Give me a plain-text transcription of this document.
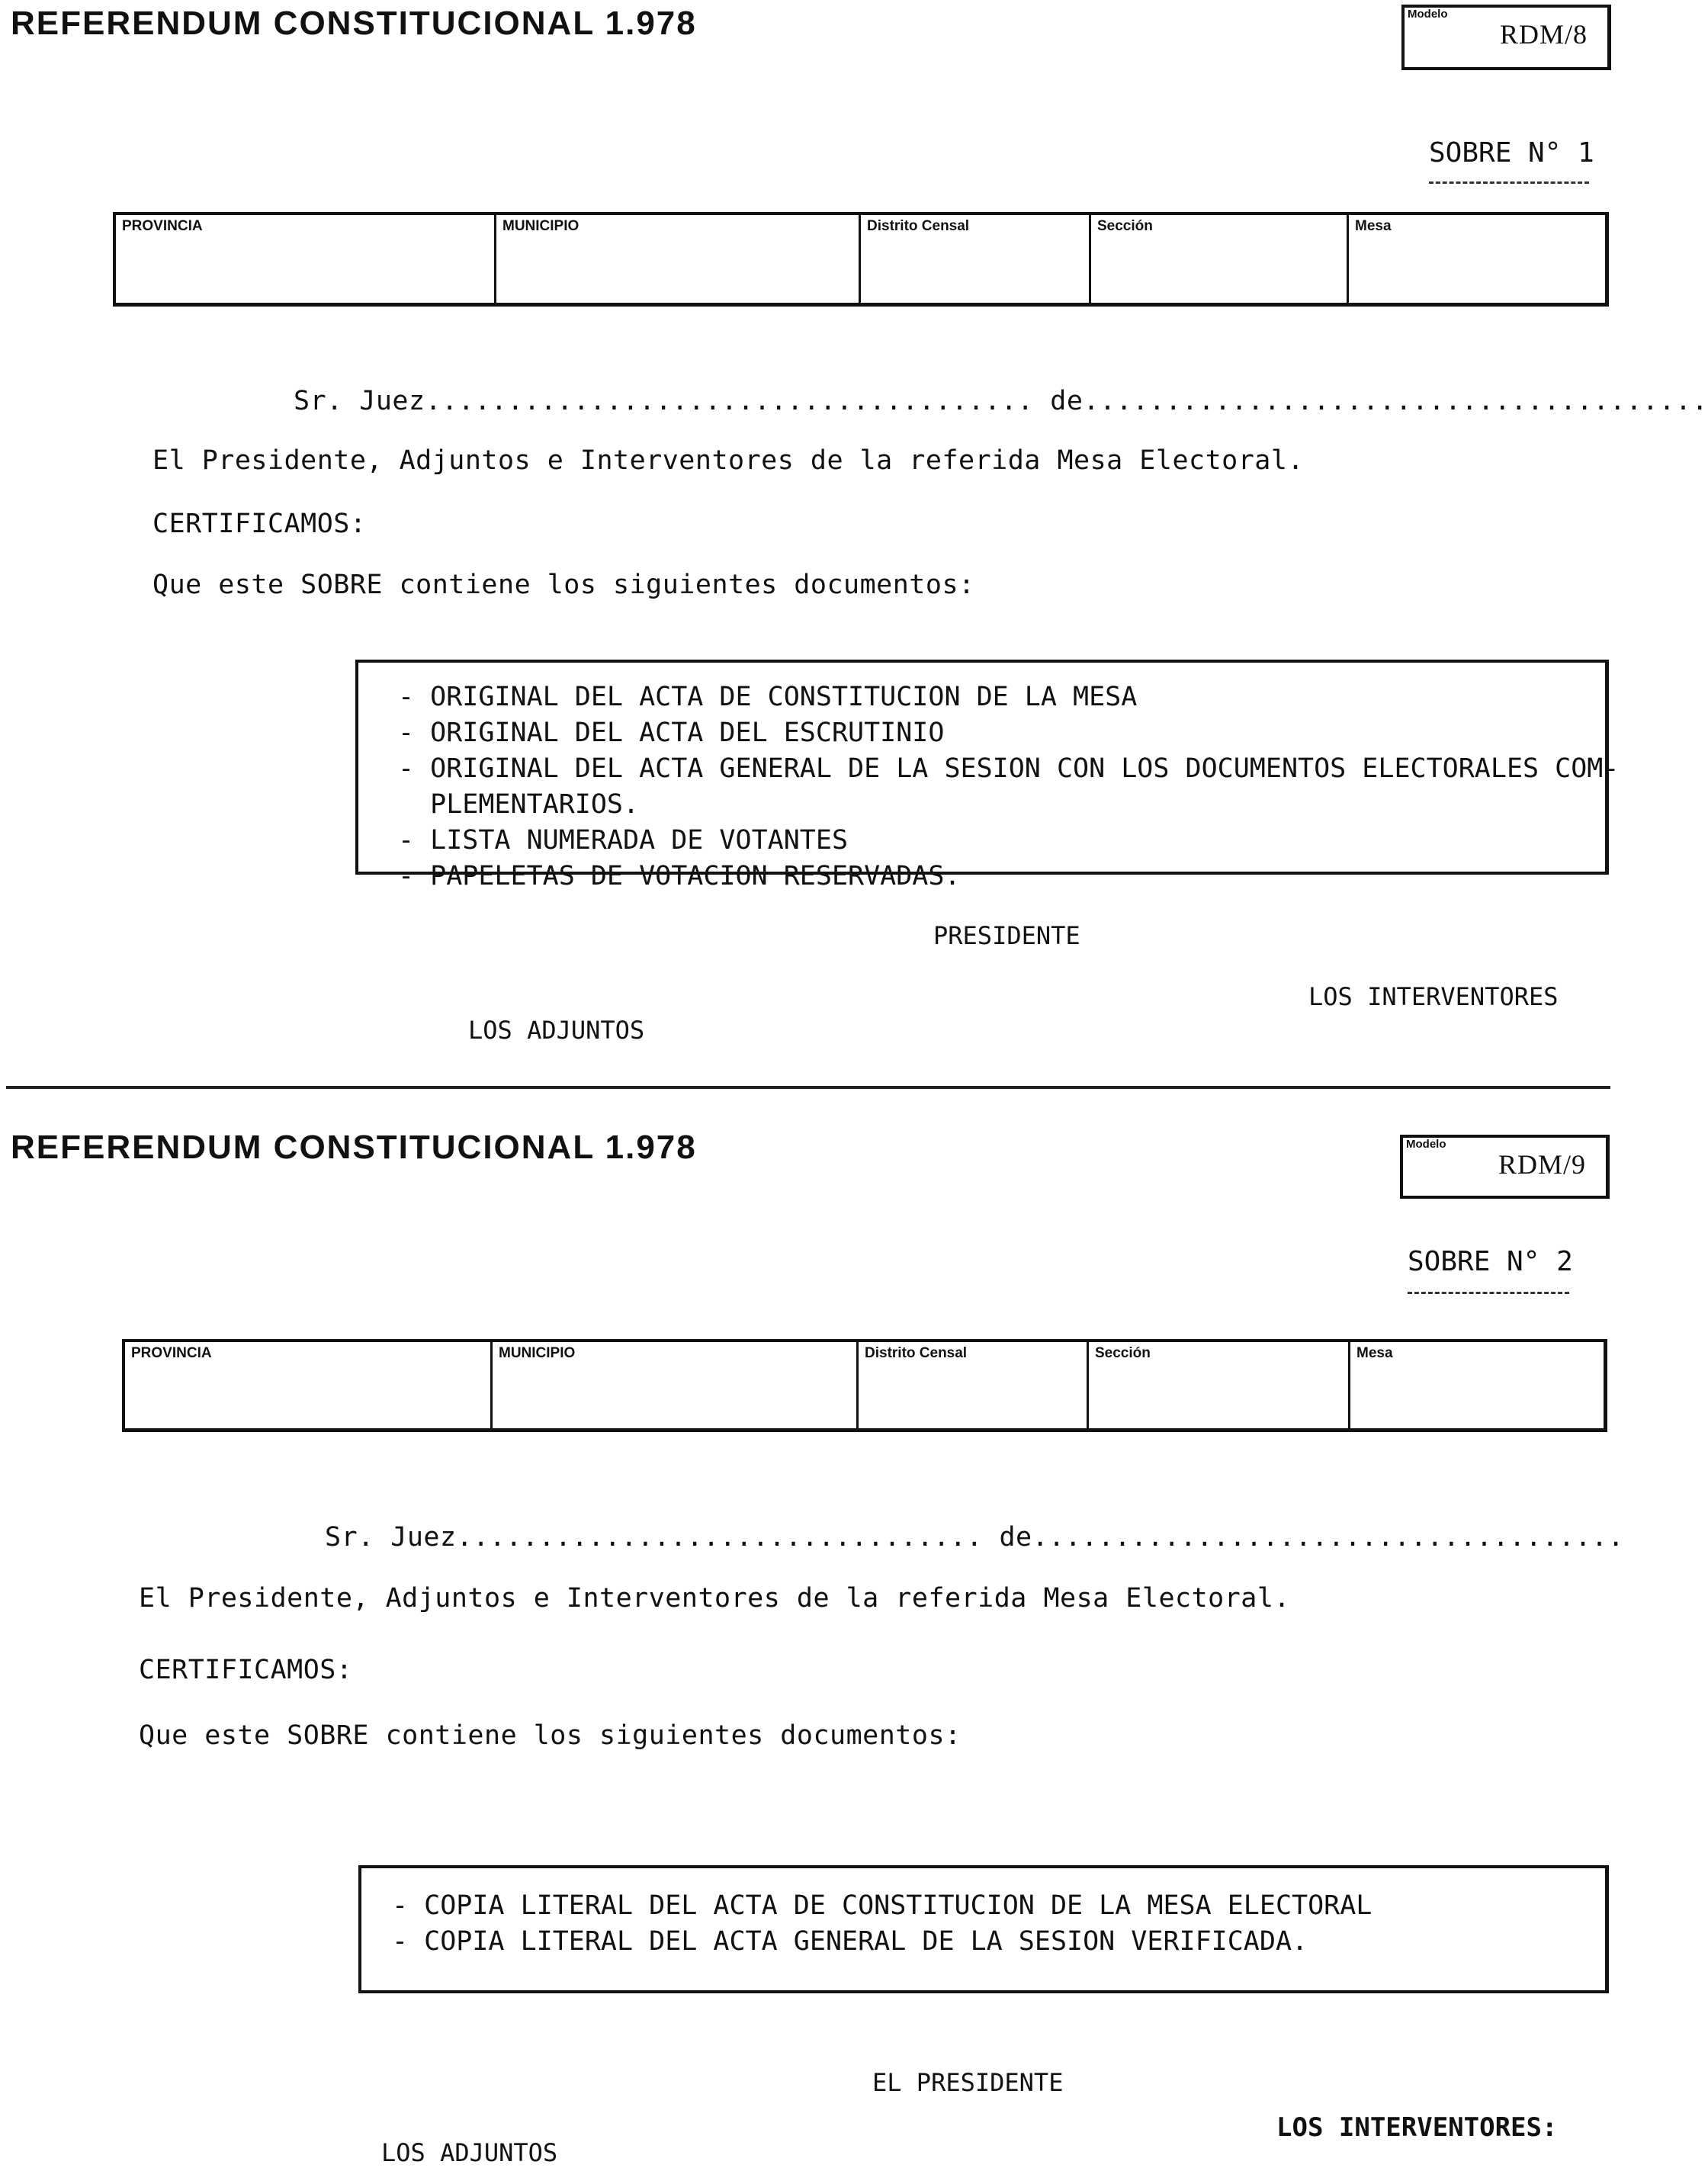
REFERENDUM CONSTITUCIONAL 1.978	Modelo
RDM/8
SOBRE N° 1
PROVINCIA	MUNICIPIO	Distrito Censal	Sección	Mesa
Sr. Juez..................................... de......................................
El Presidente, Adjuntos e Interventores de la referida Mesa Electoral.
CERTIFICAMOS:
Que este SOBRE contiene los siguientes documentos:
- ORIGINAL DEL ACTA DE CONSTITUCION DE LA MESA
- ORIGINAL DEL ACTA DEL ESCRUTINIO
- ORIGINAL DEL ACTA GENERAL DE LA SESION CON LOS DOCUMENTOS ELECTORALES COM-
PLEMENTARIOS.
- LISTA NUMERADA DE VOTANTES
- PAPELETAS DE VOTACION RESERVADAS.
PRESIDENTE
LOS INTERVENTORES
LOS ADJUNTOS
REFERENDUM CONSTITUCIONAL 1.978	Modelo
RDM/9
SOBRE N° 2
PROVINCIA	MUNICIPIO	Distrito Censal	Sección	Mesa
Sr. Juez................................ de....................................
El Presidente, Adjuntos e Interventores de la referida Mesa Electoral.
CERTIFICAMOS:
Que este SOBRE contiene los siguientes documentos:
- COPIA LITERAL DEL ACTA DE CONSTITUCION DE LA MESA ELECTORAL
- COPIA LITERAL DEL ACTA GENERAL DE LA SESION VERIFICADA.
EL PRESIDENTE
LOS INTERVENTORES:
LOS ADJUNTOS
